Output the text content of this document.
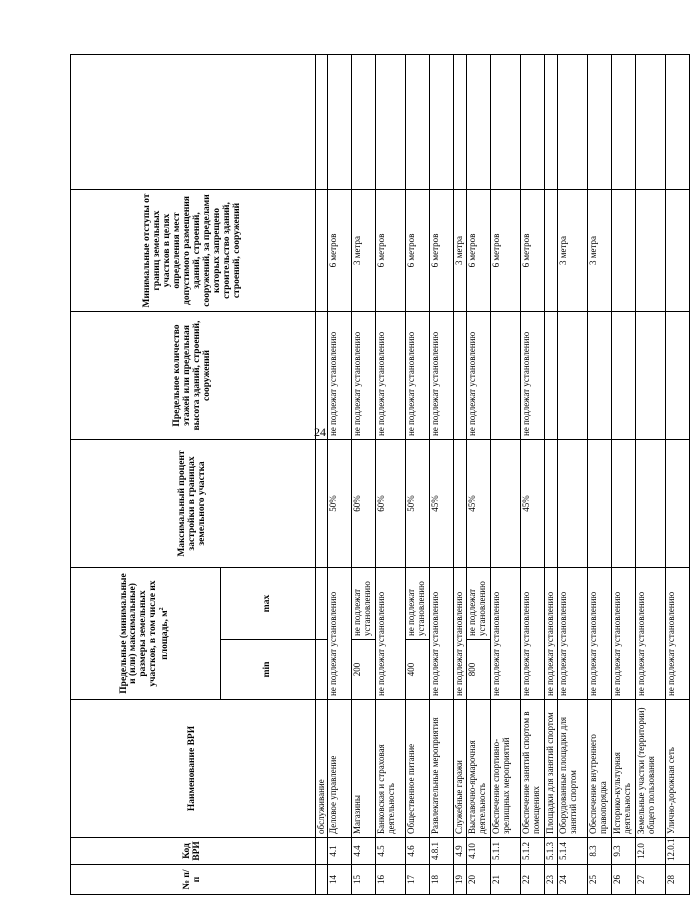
24
№ п/п	Код ВРИ	Наименование ВРИ	Предельные (минимальные и (или) максимальные) размеры земельных участков, в том числе их площадь, $м^2$		Максимальный процент застройки в границах земельного участка	Предельное количество этажей или предельная высота зданий, строений, сооружений	Минимальные отступы от границ земельных участков в целях определения мест допустимого размещения зданий, строений, сооружений, за пределами которых запрещено строительство зданий, строений, сооружений	
			min	max				
		обслуживание						
14	4.1	Деловое управление	не подлежат установлению		50%	не подлежат установлению	6 метров	
15	4.4	Магазины	200	не подлежат установлению	60%	не подлежат установлению	3 метра	
16	4.5	Банковская и страховая деятельность	не подлежат установлению		60%	не подлежат установлению	6 метров	
17	4.6	Общественное питание	400	не подлежат установлению	50%	не подлежат установлению	6 метров	
18	4.8.1	Развлекательные мероприятия	не подлежат установлению		45%	не подлежат установлению	6 метров	
19	4.9	Служебные гаражи	не подлежат установлению				3 метра	
20	4.10	Выставочно-ярмарочная деятельность	800	не подлежат установлению	45%	не подлежат установлению	6 метров	
21	5.1.1	Обеспечение спортивно-зрелищных мероприятий	не подлежат установлению				6 метров	
22	5.1.2	Обеспечение занятий спортом в помещениях	не подлежат установлению		45%	не подлежат установлению	6 метров	
23	5.1.3	Площадки для занятий спортом	не подлежат установлению					
24	5.1.4	Оборудованные площадки для занятий спортом	не подлежат установлению				3 метра	
25	8.3	Обеспечение внутреннего правопорядка	не подлежат установлению				3 метра	
26	9.3	Историко-культурная деятельность	не подлежат установлению					
27	12.0	Земельные участки (территории) общего пользования	не подлежат установлению					
28	12.0.1	Улично-дорожная сеть	не подлежат установлению					
